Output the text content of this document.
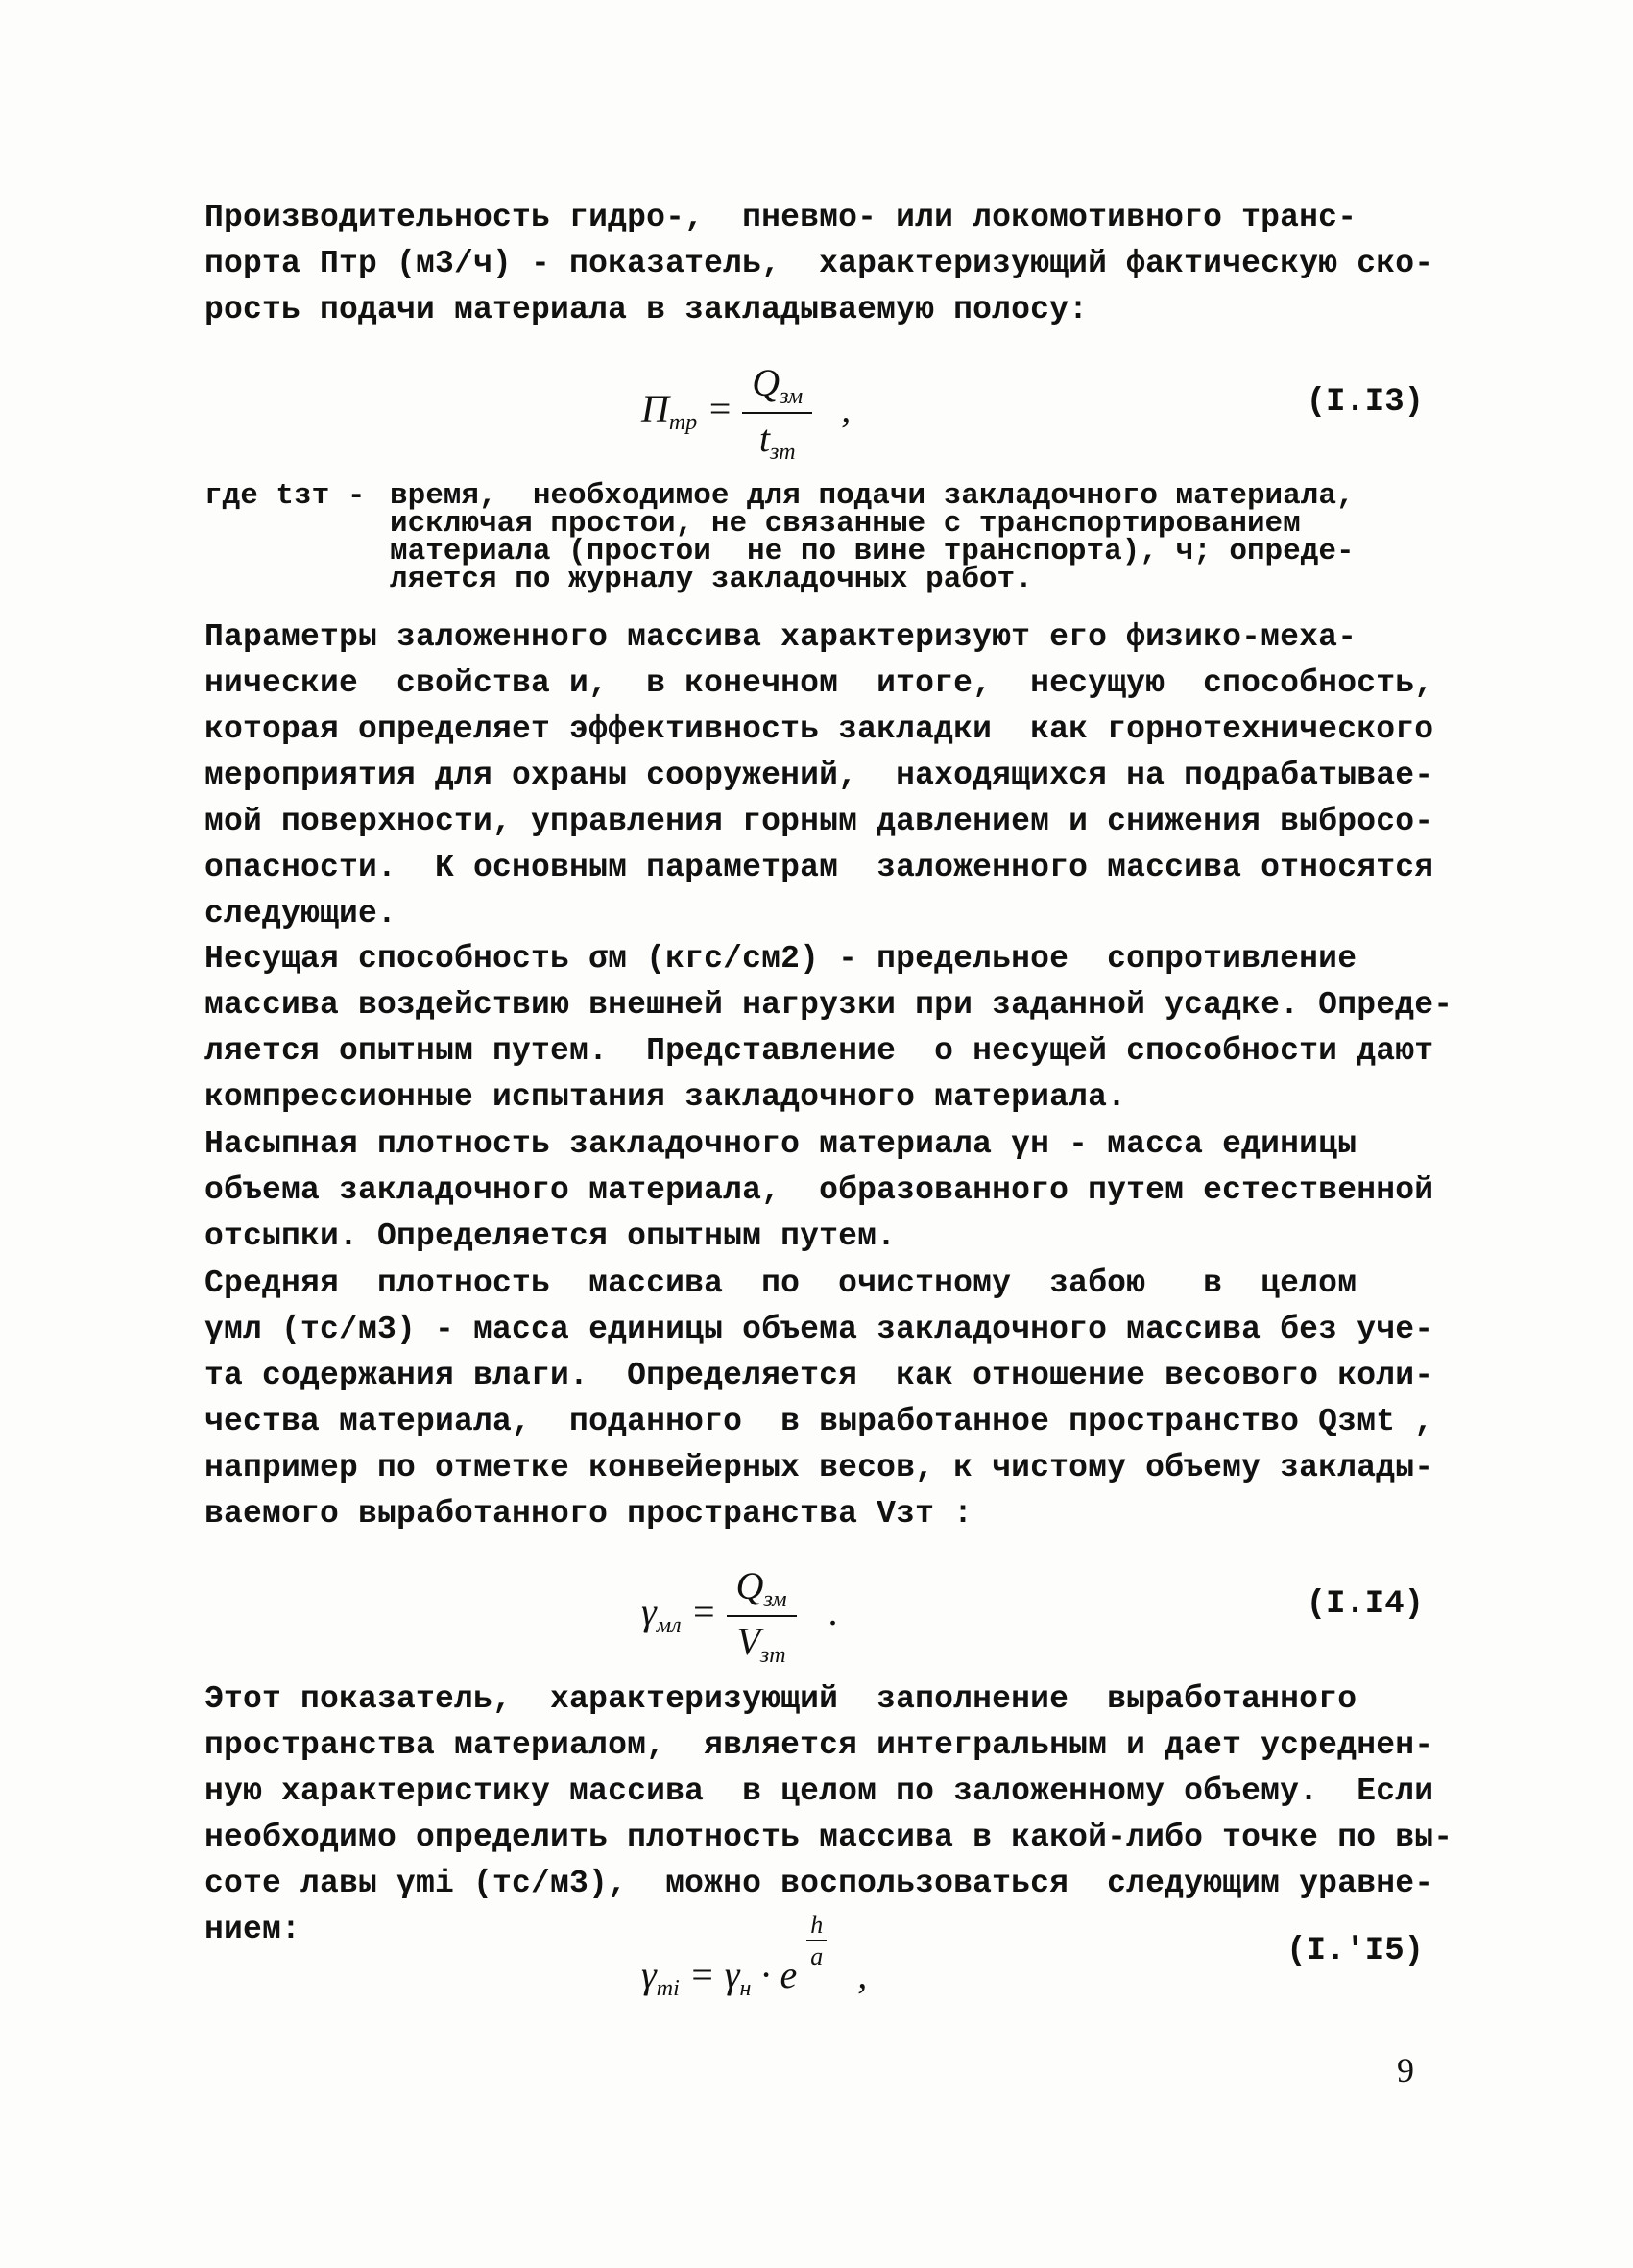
Производительность гидро-,  пневмо- или локомотивного транс-
порта Птр (м3/ч) - показатель,  характеризующий фактическую ско-
рость подачи материала в закладываемую полосу:
$П_{тр} = \frac{Q_{зм}}{t_{зт}}$ ,	(I.I3)
где tзт - время,  необходимое для подачи закладочного материала,
исключая простои, не связанные с транспортированием
материала (простои  не по вине транспорта), ч; опреде-
ляется по журналу закладочных работ.
Параметры заложенного массива характеризуют его физико-меха-
нические  свойства и,  в конечном  итоге,  несущую  способность,
которая определяет эффективность закладки  как горнотехнического
мероприятия для охраны сооружений,  находящихся на подрабатывае-
мой поверхности, управления горным давлением и снижения выбросо-
опасности.  К основным параметрам  заложенного массива относятся
следующие.
Несущая способность σм (кгс/см2) - предельное  сопротивление
массива воздействию внешней нагрузки при заданной усадке. Опреде-
ляется опытным путем.  Представление  о несущей способности дают
компрессионные испытания закладочного материала.
Насыпная плотность закладочного материала γн - масса единицы
объема закладочного материала,  образованного путем естественной
отсыпки. Определяется опытным путем.
Средняя  плотность  массива  по  очистному  забою   в  целом
γмл (тс/м3) - масса единицы объема закладочного массива без уче-
та содержания влаги.  Определяется  как отношение весового коли-
чества материала,  поданного  в выработанное пространство Qзмt ,
например по отметке конвейерных весов, к чистому объему заклады-
ваемого выработанного пространства Vзт :
$\gamma_{мл} = \frac{Q_{зм}}{V_{зт}}$ .	(I.I4)
Этот показатель,  характеризующий  заполнение  выработанного
пространства материалом,  является интегральным и дает усреднен-
ную характеристику массива  в целом по заложенному объему.  Если
необходимо определить плотность массива в какой-либо точке по вы-
соте лавы γmi (тс/м3),  можно воспользоваться  следующим уравне-
нием:
$\gamma_{mi} = \gamma_н \cdot e$
$\frac{h}{a}$
,
(I.'I5)
9
